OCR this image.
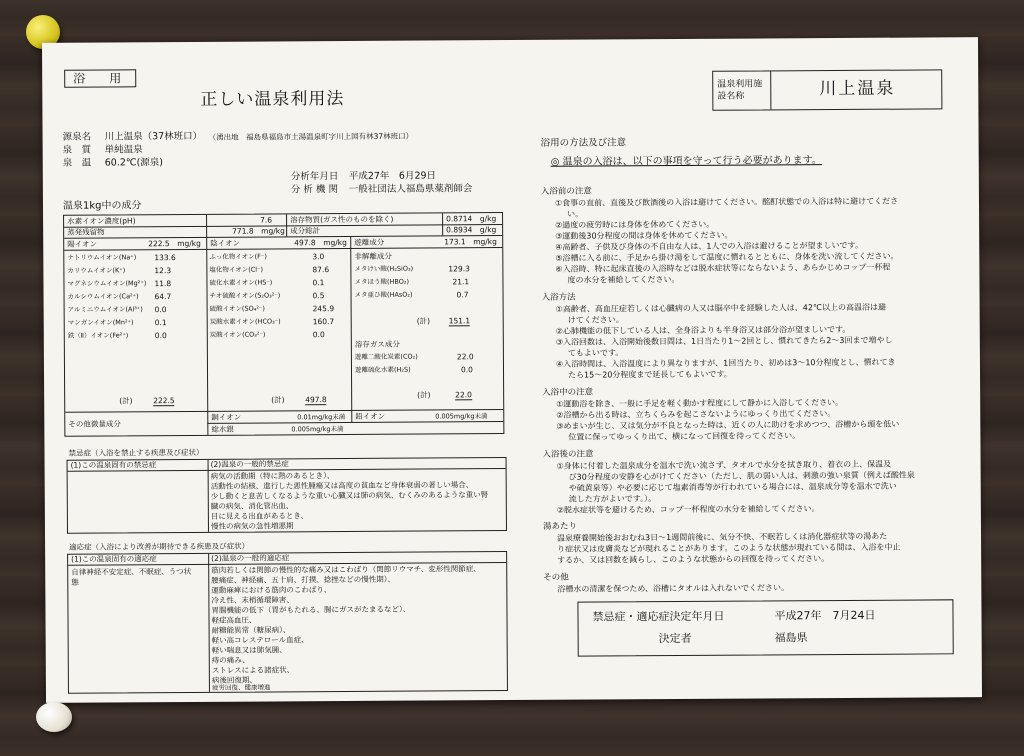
浴　用
正しい温泉利用法
温泉利用施設名称	川上温泉
源泉名 川上温泉（37林班口） （湧出地　福島県福島市土湯温泉町字川上国有林37林班口）
泉　質 単純温泉
泉　温 60.2℃(源泉)
分析年月日 平成27年　6月29日
分 析 機 関 一般社団法人福島県薬剤師会
温泉1kg中の成分
水素イオン濃度(pH)	7.6 溶存物質(ガス性のものを除く)	0.8714　g/kg
蒸発残留物	771.8　mg/kg 成分総計	0.8934　g/kg
陽イオン	222.5　mg/kg 陰イオン	497.8　mg/kg 遊離成分	173.1　mg/kg
ナトリウムイオン(Na⁺) 133.6
カリウムイオン(K⁺)	12.3
マグネシウムイオン(Mg²⁺) 11.8
カルシウムイオン(Ca²⁺) 64.7
アルミニウムイオン(Al³⁺) 0.0
マンガンイオン(Mn²⁺)	0.1
鉄（Ⅱ）イオン(Fe²⁺)	0.0
ふっ化物イオン(F⁻)	3.0
塩化物イオン(Cl⁻)	87.6
硫化水素イオン(HS⁻)	0.1
チオ硫酸イオン(S₂O₃²⁻)	0.5
硫酸イオン(SO₄²⁻)	245.9
炭酸水素イオン(HCO₃⁻)	160.7
炭酸イオン(CO₃²⁻)	0.0
非解離成分
メタけい酸(H₂SiO₃)	129.3
メタほう酸(HBO₂)	21.1
メタ亜ひ酸(HAsO₂)	0.7
(計) 151.1
溶存ガス成分
遊離二酸化炭素(CO₂)	22.0
遊離硫化水素(H₂S)	0.0
(計)	22.0
(計)	222.5	(計)	497.8
その他微量成分
銅イオン	0.01mg/kg未満 鉛イオン	0.005mg/kg未満
総水銀	0.005mg/kg未満
禁忌症（入浴を禁止する疾患及び症状）
(1)この温泉固有の禁忌症	(2)温泉の一般的禁忌症
病気の活動期（特に熱のあるとき）、
活動性の結核、進行した悪性腫瘍又は高度の貧血など身体衰弱の著しい場合、
少し動くと息苦しくなるような重い心臓又は肺の病気、むくみのあるような重い腎
臓の病気、消化管出血、
目に見える出血があるとき、
慢性の病気の急性増悪期
適応症（入浴により改善が期待できる疾患及び症状）
(1)この温泉固有の適応症
自律神経不安定症、不眠症、うつ状
態
(2)温泉の一般的適応症
筋肉若しくは関節の慢性的な痛み又はこわばり（関節リウマチ、変形性関節症、
腰痛症、神経痛、五十肩、打撲、捻挫などの慢性期）、
運動麻痺における筋肉のこわばり、
冷え性、末梢循環障害、
胃腸機能の低下（胃がもたれる、腸にガスがたまるなど）、
軽症高血圧、
耐糖能異常（糖尿病）、
軽い高コレステロール血症、
軽い喘息又は肺気腫、
痔の痛み、
ストレスによる諸症状、
病後回復期、
疲労回復、健康増進
浴用の方法及び注意
◎ 温泉の入浴は、以下の事項を守って行う必要があります。
入浴前の注意
①食事の直前、直後及び飲酒後の入浴は避けてください。酩酊状態での入浴は特に避けてくださ
い。
②過度の疲労時には身体を休めてください。
③運動後30分程度の間は身体を休めてください。
④高齢者、子供及び身体の不自由な人は、1人での入浴は避けることが望ましいです。
⑤浴槽に入る前に、手足から掛け湯をして温度に慣れるとともに、身体を洗い流してください。
⑥入浴時、特に起床直後の入浴時などは脱水症状等にならないよう、あらかじめコップ一杯程
度の水分を補給してください。
入浴方法
①高齢者、高血圧症若しくは心臓病の人又は脳卒中を経験した人は、42℃以上の高温浴は避
けてください。
②心肺機能の低下している人は、全身浴よりも半身浴又は部分浴が望ましいです。
③入浴回数は、入浴開始後数日間は、1日当たり1～2回とし、慣れてきたら2～3回まで増やし
てもよいです。
④入浴時間は、入浴温度により異なりますが、1回当たり、初めは3～10分程度とし、慣れてき
たら15～20分程度まで延長してもよいです。
入浴中の注意
①運動浴を除き、一般に手足を軽く動かす程度にして静かに入浴してください。
②浴槽から出る時は、立ちくらみを起こさないようにゆっくり出てください。
③めまいが生じ、又は気分が不良となった時は、近くの人に助けを求めつつ、浴槽から頭を低い
位置に保ってゆっくり出て、横になって回復を待ってください。
入浴後の注意
①身体に付着した温泉成分を温水で洗い流さず、タオルで水分を拭き取り、着衣の上、保温及
び30分程度の安静を心がけてください（ただし、肌の弱い人は、刺激の強い泉質（例えば酸性泉
や硫黄泉等）や必要に応じて塩素消毒等が行われている場合には、温泉成分等を温水で洗い
流した方がよいです。）。
②脱水症状等を避けるため、コップ一杯程度の水分を補給してください。
湯あたり
温泉療養開始後おおむね3日～1週間前後に、気分不快、不眠若しくは消化器症状等の湯あた
り症状又は皮膚炎などが現れることがあります。このような状態が現れている間は、入浴を中止
するか、又は回数を減らし、このような状態からの回復を待ってください。
その他
浴槽水の清潔を保つため、浴槽にタオルは入れないでください。
禁忌症・適応症決定年月日	平成27年　7月24日
決定者	福島県
